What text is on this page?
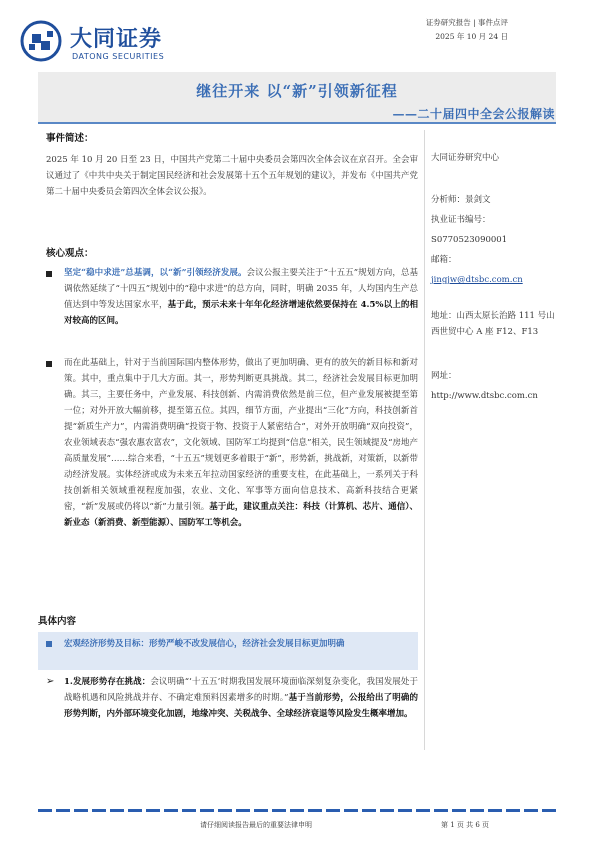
大同证券
DATONG SECURITIES
证券研究报告 | 事件点评
2025 年 10 月 24 日
继往开来 以“新”引领新征程
——二十届四中全会公报解读
事件简述：
2025 年 10 月 20 日至 23 日，中国共产党第二十届中央委员会第四次全体会议在京召开。全会审议通过了《中共中央关于制定国民经济和社会发展第十五个五年规划的建议》，并发布《中国共产党第二十届中央委员会第四次全体会议公报》。
核心观点：
坚定“稳中求进”总基调，以“新”引领经济发展。会议公报主要关注于“十五五”规划方向，总基调依然延续了“十四五”规划中的“稳中求进”的总方向，同时，明确 2035 年，人均国内生产总值达到中等发达国家水平，基于此，预示未来十年年化经济增速依然要保持在 4.5%以上的相对较高的区间。
而在此基础上，针对于当前国际国内整体形势，做出了更加明确、更有的放矢的新目标和新对策。其中，重点集中于几大方面。其一，形势判断更具挑战。其二，经济社会发展目标更加明确。其三，主要任务中，产业发展、科技创新、内需消费依然是前三位，但产业发展被提至第一位；对外开放大幅前移，提至第五位。其四，细节方面，产业提出“三化”方向，科技创新首提“新质生产力”，内需消费明确“投资于物、投资于人紧密结合”，对外开放明确“双向投资”，农业领域表态“强农惠农富农”，文化领域、国防军工均提到“信息”相关，民生领域提及“房地产高质量发展”……综合来看，“十五五”规划更多着眼于“新”，形势新，挑战新，对策新，以新带动经济发展。实体经济或成为未来五年拉动国家经济的重要支柱，在此基础上，一系列关于科技创新相关领域重视程度加强，农业、文化、军事等方面向信息技术、高新科技结合更紧密，“新”发展或仍将以“新”力量引领。基于此，建议重点关注：科技（计算机、芯片、通信）、新业态（新消费、新型能源）、国防军工等机会。
具体内容
宏观经济形势及目标：形势严峻不改发展信心，经济社会发展目标更加明确
➢ 1.发展形势存在挑战：会议明确“‘十五五’时期我国发展环境面临深刻复杂变化，我国发展处于战略机遇和风险挑战并存、不确定难预料因素增多的时期。”基于当前形势，公报给出了明确的形势判断，内外部环境变化加剧，地缘冲突、关税战争、全球经济衰退等风险发生概率增加。
大同证券研究中心
分析师：景剑文
执业证书编号：
S0770523090001
邮箱：
jingjw@dtsbc.com.cn
地址：山西太原长治路 111 号山西世贸中心 A 座 F12、F13
网址：
http://www.dtsbc.com.cn
请仔细阅读报告最后的重要法律申明	第 1 页 共 6 页
